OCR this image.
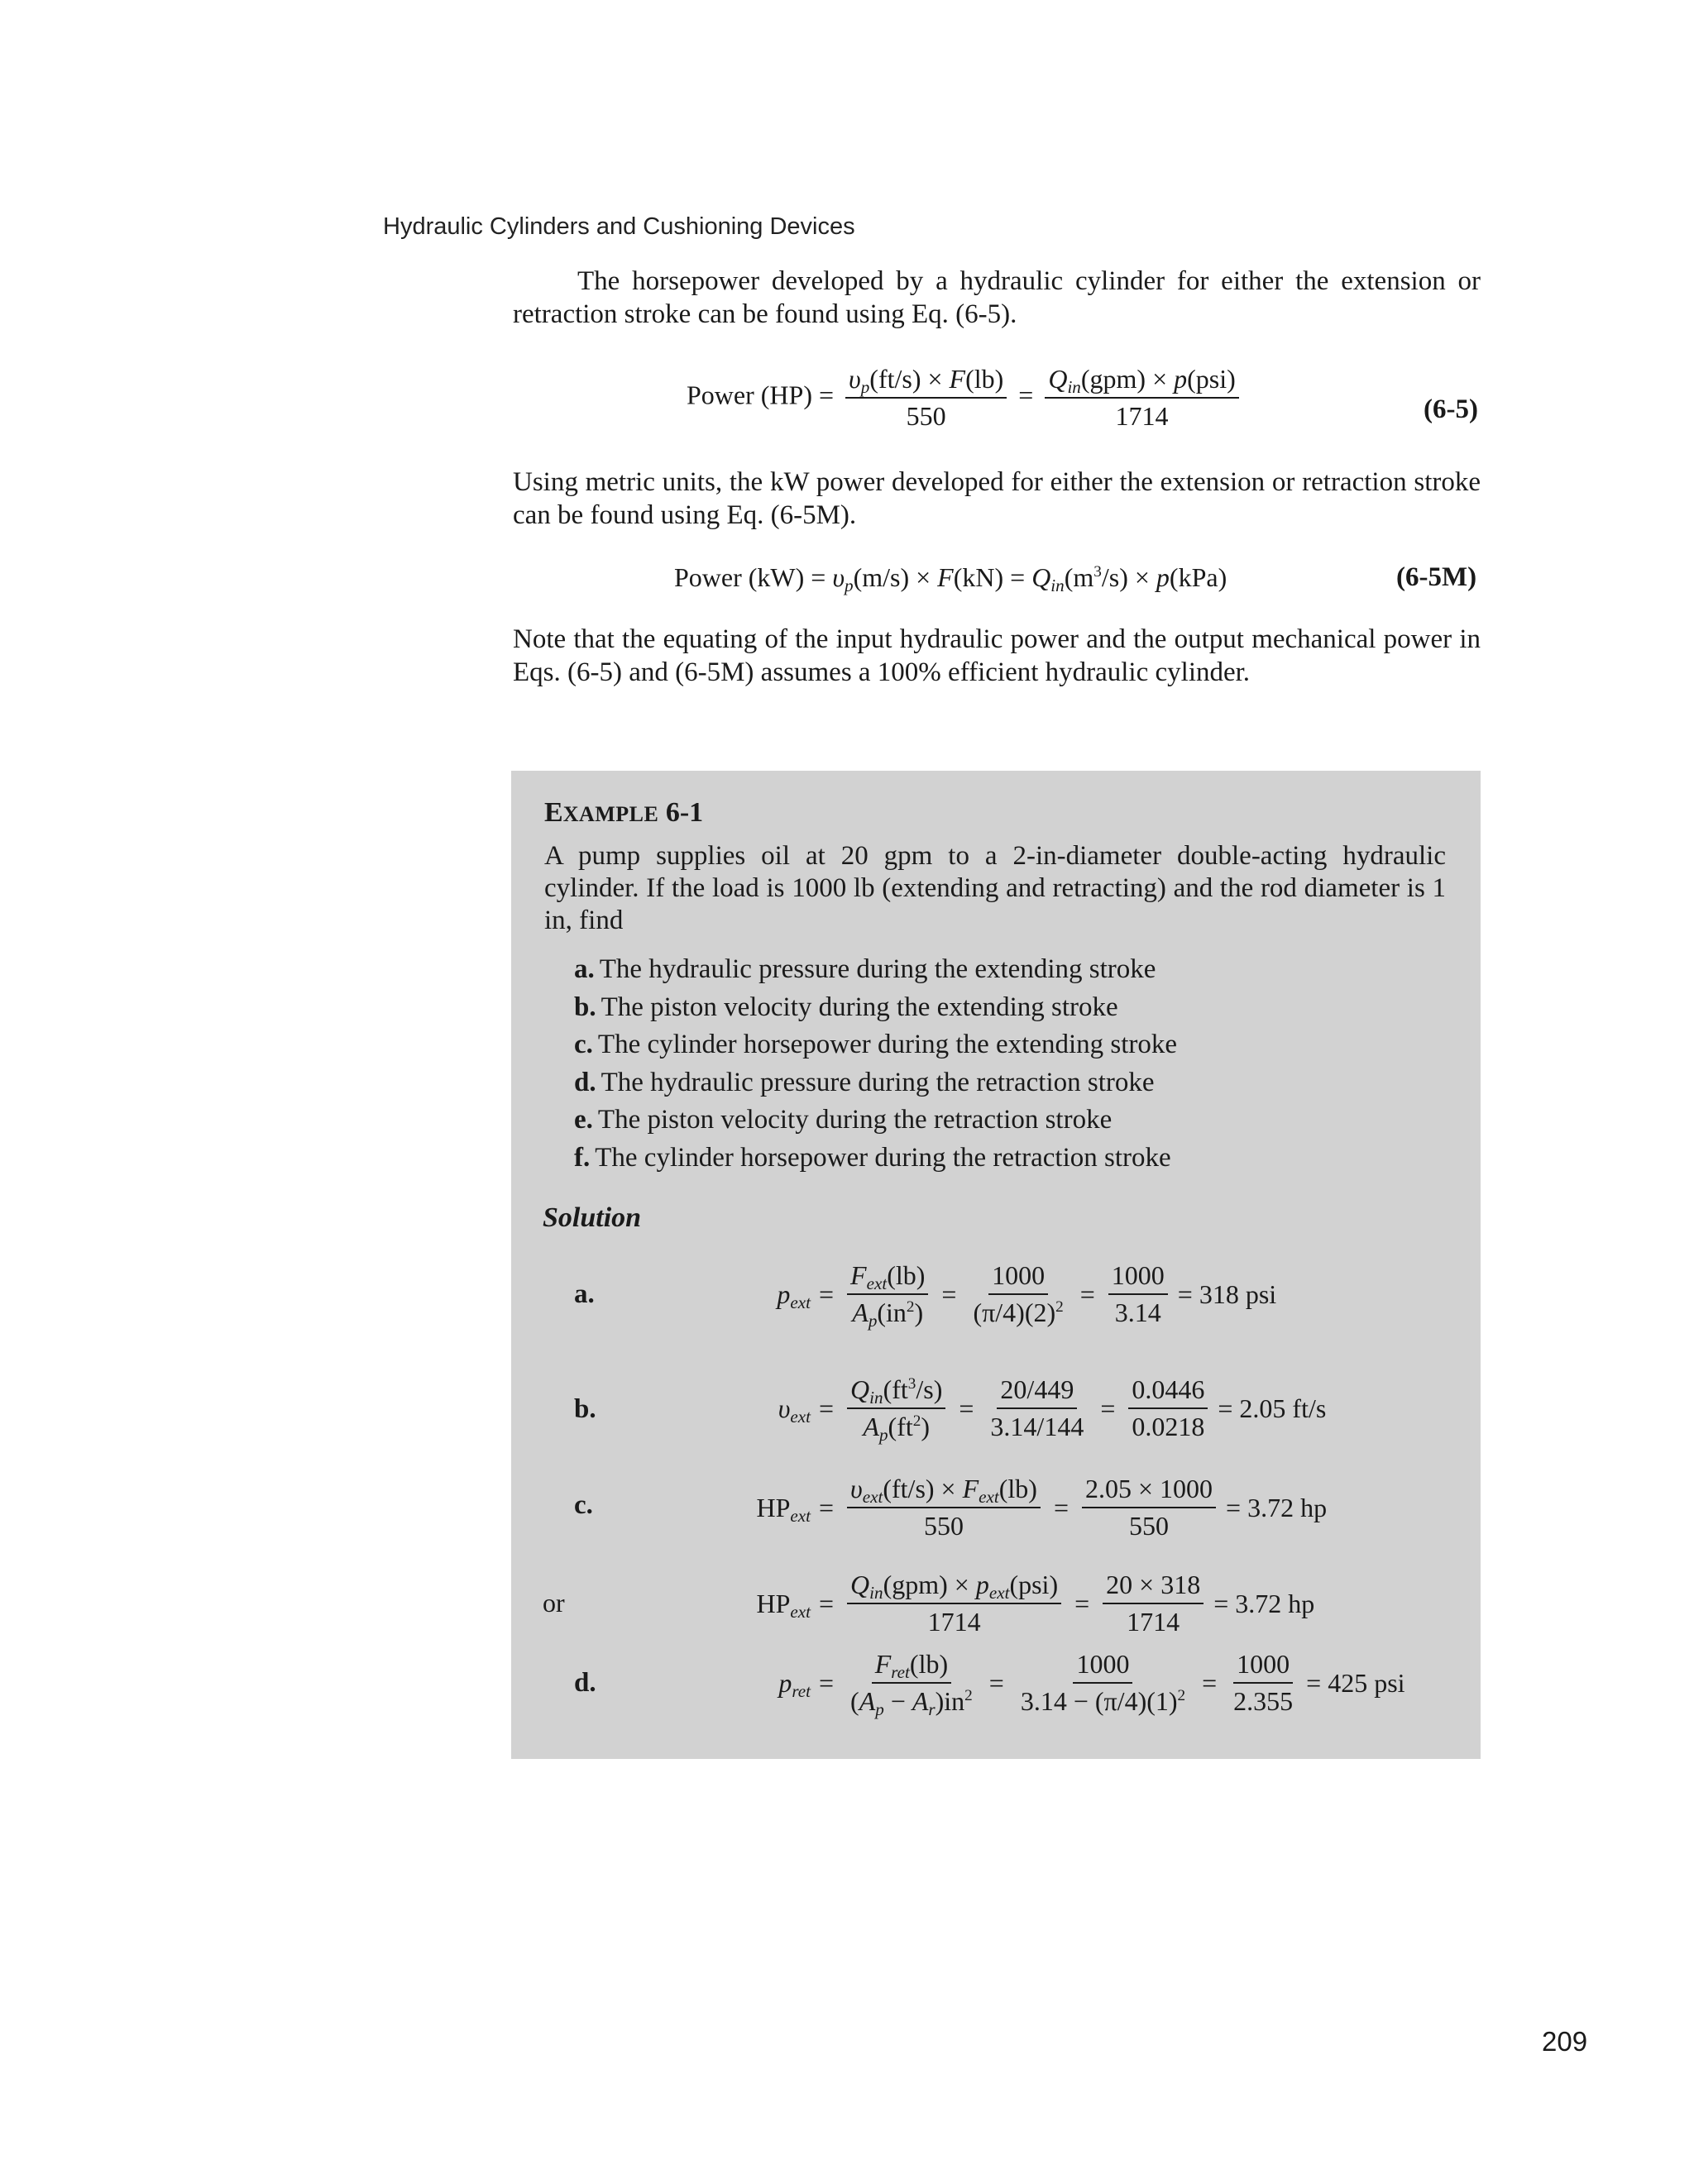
Hydraulic Cylinders and Cushioning Devices

The horsepower developed by a hydraulic cylinder for either the extension or retraction stroke can be found using Eq. (6-5).

Power $(HP) = \frac{\upsilon_p(ft/s) \times F(lb)}{550} = \frac{Q_{in}(gpm) \times p(psi)}{1714}$	(6-5)

Using metric units, the kW power developed for either the extension or retraction stroke can be found using Eq. (6-5M).

Power $(kW) = \upsilon_p(m/s) \times F(kN) = Q_{in}(m^3/s) \times p(kPa)$	(6-5M)

Note that the equating of the input hydraulic power and the output mechanical power in Eqs. (6-5) and (6-5M) assumes a 100% efficient hydraulic cylinder.

EXAMPLE 6-1
A pump supplies oil at 20 gpm to a 2-in-diameter double-acting hydraulic cylinder. If the load is 1000 lb (extending and retracting) and the rod diameter is 1 in, find
a. The hydraulic pressure during the extending stroke
b. The piston velocity during the extending stroke
c. The cylinder horsepower during the extending stroke
d. The hydraulic pressure during the retraction stroke
e. The piston velocity during the retraction stroke
f. The cylinder horsepower during the retraction stroke
Solution
a.	$p_{ext} = \frac{F_{ext}(lb)}{A_p(in^2)} = \frac{1000}{(\pi/4)(2)^2} = \frac{1000}{3.14} = 318$ psi
b.	$\upsilon_{ext} = \frac{Q_{in}(ft^3/s)}{A_p(ft^2)} = \frac{20/449}{3.14/144} = \frac{0.0446}{0.0218} = 2.05$ ft/s
c.	$HP_{ext} = \frac{\upsilon_{ext}(ft/s) \times F_{ext}(lb)}{550} = \frac{2.05 \times 1000}{550} = 3.72$ hp
or	$HP_{ext} = \frac{Q_{in}(gpm) \times p_{ext}(psi)}{1714} = \frac{20 \times 318}{1714} = 3.72$ hp
d.	$p_{ret} = \frac{F_{ret}(lb)}{(A_p - A_r)in^2} = \frac{1000}{3.14 - (\pi/4)(1)^2} = \frac{1000}{2.355} = 425$ psi
209
